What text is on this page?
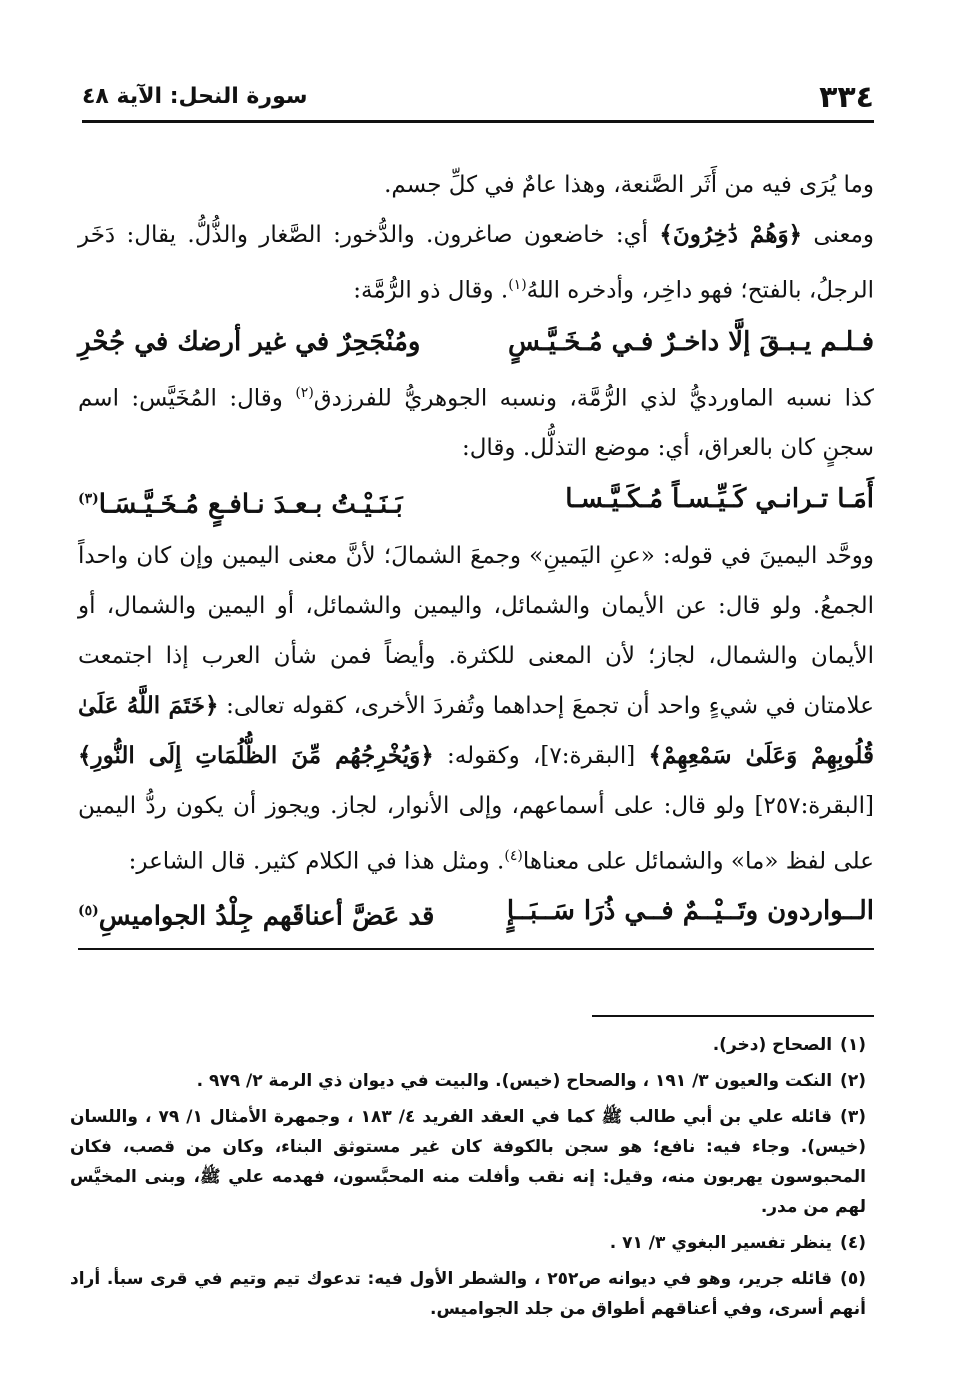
٣٣٤
سورة النحل: الآية ٤٨

وما يُرَى فيه من أَثَر الصَّنعة، وهذا عامٌ في كلِّ جسم.

ومعنى ﴿وَهُمْ دَٰخِرُونَ﴾ أي: خاضعون صاغرون. والدُّخور: الصَّغار والذُّلُّ. يقال: دَخَر الرجلُ، بالفتح؛ فهو داخِر، وأدخره اللهُ$^{(١)}$. وقال ذو الرُّمَّة:

فـلـم يـبـقَ إلَّا داخـرٌ فـي مُـخَـيَّـسٍ
ومُنْجَحِرٌ في غير أرضك في جُحْرِ

كذا نسبه الماورديُّ لذي الرُّمَّة، ونسبه الجوهريُّ للفرزدق$^{(٢)}$ وقال: المُخَيَّس: اسم سجنٍ كان بالعراق، أي: موضع التذلُّل. وقال:

أَمَـا تـرانـي كَـيِّـسـاً مُـكَـيَّـسـا
بَـنَـيْـتُ بـعـدَ نـافـعٍ مُـخَـيَّـسَـا$^{(٣)}$

ووحَّد اليمينَ في قوله: «عنِ اليَمينِ» وجمعَ الشمالَ؛ لأنَّ معنى اليمين وإن كان واحداً الجمعُ. ولو قال: عن الأيمان والشمائل، واليمين والشمائل، أو اليمين والشمال، أو الأيمان والشمال، لجاز؛ لأن المعنى للكثرة. وأيضاً فمن شأن العرب إذا اجتمعت علامتان في شيءٍ واحد أن تجمعَ إحداهما وتُفردَ الأخرى، كقوله تعالى: ﴿خَتَمَ اللَّهُ عَلَىٰ قُلُوبِهِمْ وَعَلَىٰ سَمْعِهِمْ﴾ [البقرة:٧]، وكقوله: ﴿وَيُخْرِجُهُم مِّنَ الظُّلُمَاتِ إِلَى النُّورِ﴾ [البقرة:٢٥٧] ولو قال: على أسماعهم، وإلى الأنوار، لجاز. ويجوز أن يكون ردُّ اليمين على لفظ «ما» والشمائل على معناها$^{(٤)}$. ومثل هذا في الكلام كثير. قال الشاعر:

الــواردون وتَــيْــمٌ فــي ذُرَا سَــبَــإٍ
قد عَضَّ أعناقَهم جِلْدُ الجواميسِ$^{(٥)}$

(١)الصحاح (دخر).

(٢)النكت والعيون ٣/ ١٩١ ، والصحاح (خيس). والبيت في ديوان ذي الرمة ٢/ ٩٧٩ .

(٣)قائله علي بن أبي طالب ﷺ كما في العقد الفريد ٤/ ١٨٣ ، وجمهرة الأمثال ١/ ٧٩ ، واللسان (خيس). وجاء فيه: نافع؛ هو سجن بالكوفة كان غير مستوثق البناء، وكان من قصب، فكان المحبوسون يهربون منه، وقيل: إنه نقب وأفلت منه المحبَّسون، فهدمه علي ﷺ، وبنى المخيَّس لهم من مدر.

(٤)ينظر تفسير البغوي ٣/ ٧١ .

(٥)قائله جرير، وهو في ديوانه ص٢٥٢ ، والشطر الأول فيه: تدعوك تيم وتيم في قرى سبأ. أراد أنهم أسرى، وفي أعناقهم أطواق من جلد الجواميس.
